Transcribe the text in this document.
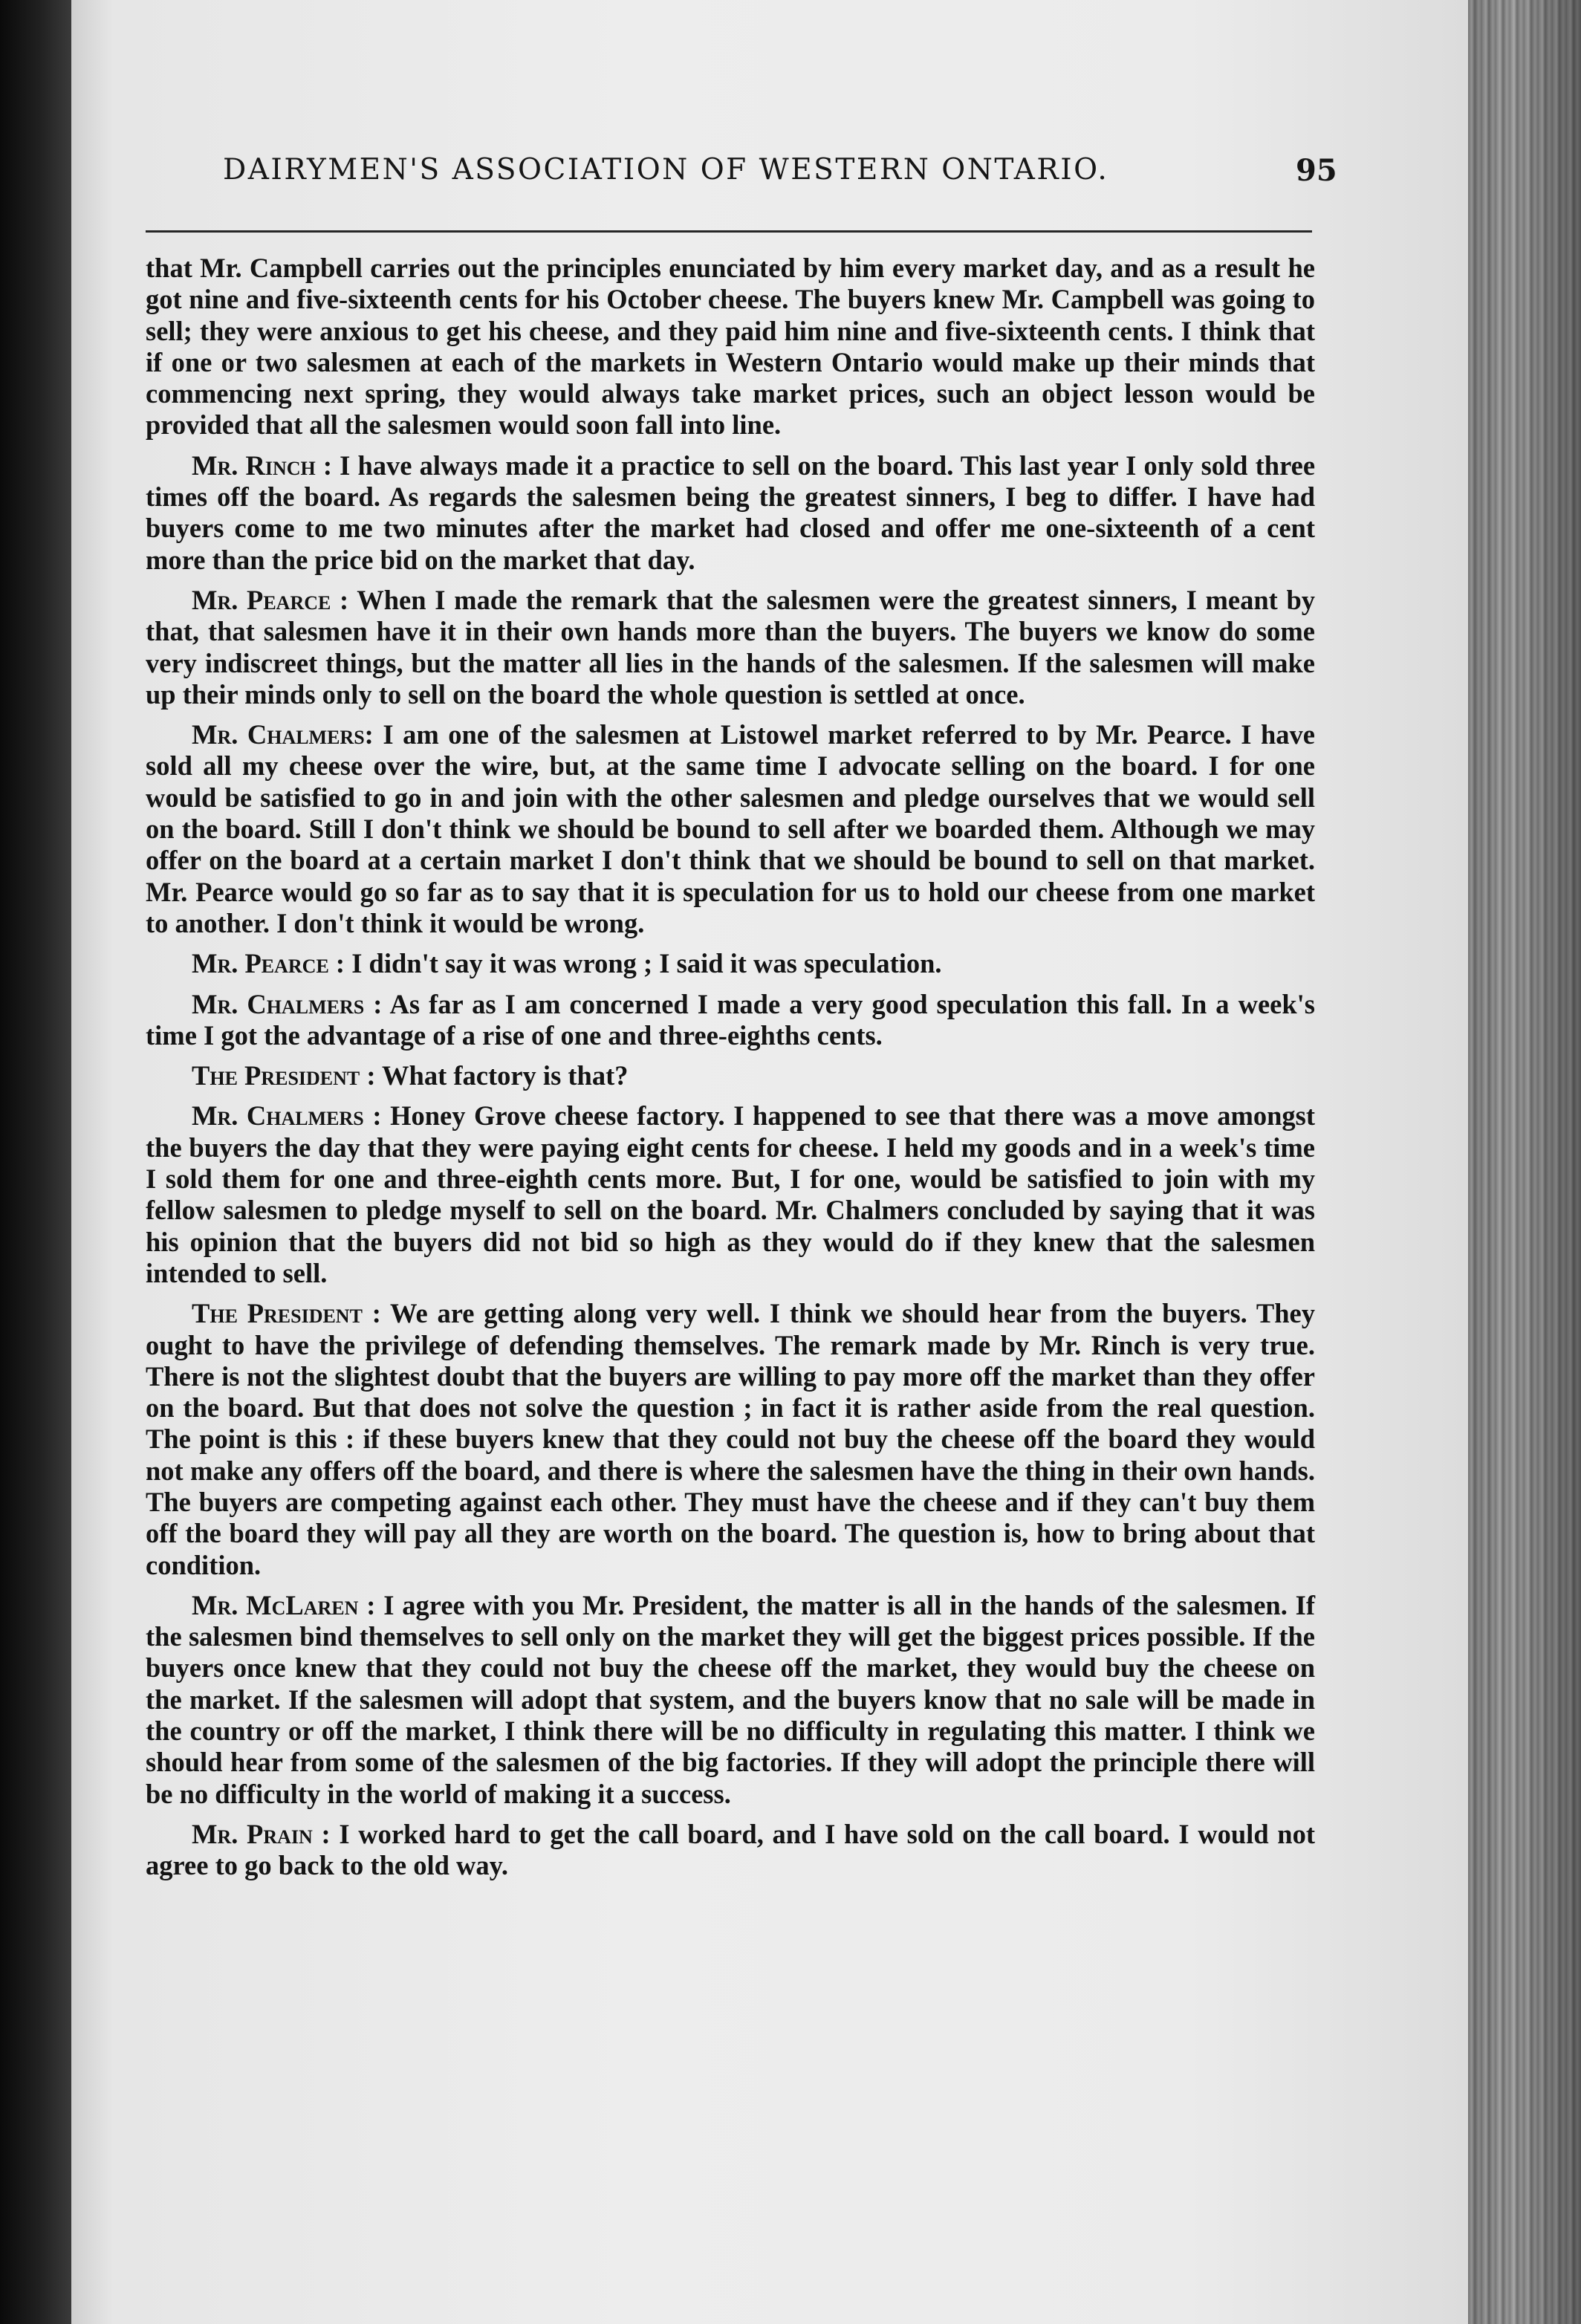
DAIRYMEN'S ASSOCIATION OF WESTERN ONTARIO.	95

that Mr. Campbell carries out the principles enunciated by him every market day, and as a result he got nine and five-sixteenth cents for his October cheese. The buyers knew Mr. Campbell was going to sell; they were anxious to get his cheese, and they paid him nine and five-sixteenth cents. I think that if one or two salesmen at each of the markets in Western Ontario would make up their minds that commencing next spring, they would always take market prices, such an object lesson would be provided that all the salesmen would soon fall into line.

Mr. Rinch : I have always made it a practice to sell on the board. This last year I only sold three times off the board. As regards the salesmen being the greatest sinners, I beg to differ. I have had buyers come to me two minutes after the market had closed and offer me one-sixteenth of a cent more than the price bid on the market that day.

Mr. Pearce : When I made the remark that the salesmen were the greatest sinners, I meant by that, that salesmen have it in their own hands more than the buyers. The buyers we know do some very indiscreet things, but the matter all lies in the hands of the salesmen. If the salesmen will make up their minds only to sell on the board the whole question is settled at once.

Mr. Chalmers: I am one of the salesmen at Listowel market referred to by Mr. Pearce. I have sold all my cheese over the wire, but, at the same time I advocate selling on the board. I for one would be satisfied to go in and join with the other salesmen and pledge ourselves that we would sell on the board. Still I don't think we should be bound to sell after we boarded them. Although we may offer on the board at a certain market I don't think that we should be bound to sell on that market. Mr. Pearce would go so far as to say that it is speculation for us to hold our cheese from one market to another. I don't think it would be wrong.

Mr. Pearce : I didn't say it was wrong ; I said it was speculation.

Mr. Chalmers : As far as I am concerned I made a very good speculation this fall. In a week's time I got the advantage of a rise of one and three-eighths cents.

The President : What factory is that?

Mr. Chalmers : Honey Grove cheese factory. I happened to see that there was a move amongst the buyers the day that they were paying eight cents for cheese. I held my goods and in a week's time I sold them for one and three-eighth cents more. But, I for one, would be satisfied to join with my fellow salesmen to pledge myself to sell on the board. Mr. Chalmers concluded by saying that it was his opinion that the buyers did not bid so high as they would do if they knew that the salesmen intended to sell.

The President : We are getting along very well. I think we should hear from the buyers. They ought to have the privilege of defending themselves. The remark made by Mr. Rinch is very true. There is not the slightest doubt that the buyers are willing to pay more off the market than they offer on the board. But that does not solve the question ; in fact it is rather aside from the real question. The point is this : if these buyers knew that they could not buy the cheese off the board they would not make any offers off the board, and there is where the salesmen have the thing in their own hands. The buyers are competing against each other. They must have the cheese and if they can't buy them off the board they will pay all they are worth on the board. The question is, how to bring about that condition.

Mr. McLaren : I agree with you Mr. President, the matter is all in the hands of the salesmen. If the salesmen bind themselves to sell only on the market they will get the biggest prices possible. If the buyers once knew that they could not buy the cheese off the market, they would buy the cheese on the market. If the salesmen will adopt that system, and the buyers know that no sale will be made in the country or off the market, I think there will be no difficulty in regulating this matter. I think we should hear from some of the salesmen of the big factories. If they will adopt the principle there will be no difficulty in the world of making it a success.

Mr. Prain : I worked hard to get the call board, and I have sold on the call board. I would not agree to go back to the old way.
